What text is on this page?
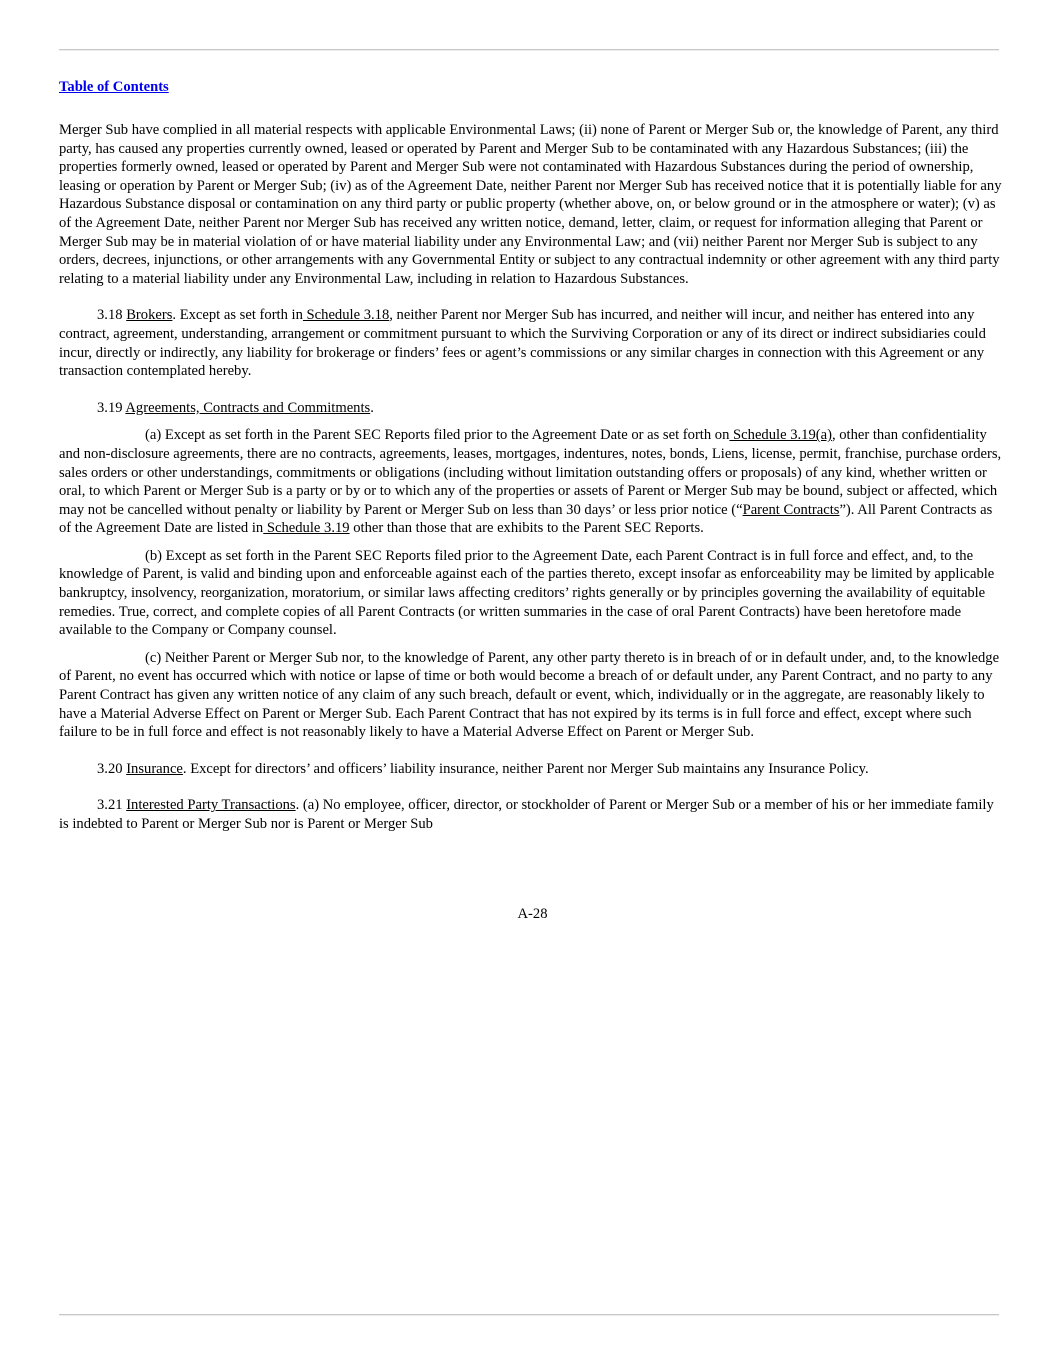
Table of Contents

Merger Sub have complied in all material respects with applicable Environmental Laws; (ii) none of Parent or Merger Sub or, the knowledge of Parent, any third party, has caused any properties currently owned, leased or operated by Parent and Merger Sub to be contaminated with any Hazardous Substances; (iii) the properties formerly owned, leased or operated by Parent and Merger Sub were not contaminated with Hazardous Substances during the period of ownership, leasing or operation by Parent or Merger Sub; (iv) as of the Agreement Date, neither Parent nor Merger Sub has received notice that it is potentially liable for any Hazardous Substance disposal or contamination on any third party or public property (whether above, on, or below ground or in the atmosphere or water); (v) as of the Agreement Date, neither Parent nor Merger Sub has received any written notice, demand, letter, claim, or request for information alleging that Parent or Merger Sub may be in material violation of or have material liability under any Environmental Law; and (vii) neither Parent nor Merger Sub is subject to any orders, decrees, injunctions, or other arrangements with any Governmental Entity or subject to any contractual indemnity or other agreement with any third party relating to a material liability under any Environmental Law, including in relation to Hazardous Substances.

3.18 Brokers. Except as set forth in Schedule 3.18, neither Parent nor Merger Sub has incurred, and neither will incur, and neither has entered into any contract, agreement, understanding, arrangement or commitment pursuant to which the Surviving Corporation or any of its direct or indirect subsidiaries could incur, directly or indirectly, any liability for brokerage or finders’ fees or agent’s commissions or any similar charges in connection with this Agreement or any transaction contemplated hereby.

3.19 Agreements, Contracts and Commitments.

(a) Except as set forth in the Parent SEC Reports filed prior to the Agreement Date or as set forth on Schedule 3.19(a), other than confidentiality and non-disclosure agreements, there are no contracts, agreements, leases, mortgages, indentures, notes, bonds, Liens, license, permit, franchise, purchase orders, sales orders or other understandings, commitments or obligations (including without limitation outstanding offers or proposals) of any kind, whether written or oral, to which Parent or Merger Sub is a party or by or to which any of the properties or assets of Parent or Merger Sub may be bound, subject or affected, which may not be cancelled without penalty or liability by Parent or Merger Sub on less than 30 days’ or less prior notice (“Parent Contracts”). All Parent Contracts as of the Agreement Date are listed in Schedule 3.19 other than those that are exhibits to the Parent SEC Reports.

(b) Except as set forth in the Parent SEC Reports filed prior to the Agreement Date, each Parent Contract is in full force and effect, and, to the knowledge of Parent, is valid and binding upon and enforceable against each of the parties thereto, except insofar as enforceability may be limited by applicable bankruptcy, insolvency, reorganization, moratorium, or similar laws affecting creditors’ rights generally or by principles governing the availability of equitable remedies. True, correct, and complete copies of all Parent Contracts (or written summaries in the case of oral Parent Contracts) have been heretofore made available to the Company or Company counsel.

(c) Neither Parent or Merger Sub nor, to the knowledge of Parent, any other party thereto is in breach of or in default under, and, to the knowledge of Parent, no event has occurred which with notice or lapse of time or both would become a breach of or default under, any Parent Contract, and no party to any Parent Contract has given any written notice of any claim of any such breach, default or event, which, individually or in the aggregate, are reasonably likely to have a Material Adverse Effect on Parent or Merger Sub. Each Parent Contract that has not expired by its terms is in full force and effect, except where such failure to be in full force and effect is not reasonably likely to have a Material Adverse Effect on Parent or Merger Sub.

3.20 Insurance. Except for directors’ and officers’ liability insurance, neither Parent nor Merger Sub maintains any Insurance Policy.

3.21 Interested Party Transactions. (a) No employee, officer, director, or stockholder of Parent or Merger Sub or a member of his or her immediate family is indebted to Parent or Merger Sub nor is Parent or Merger Sub

A-28
